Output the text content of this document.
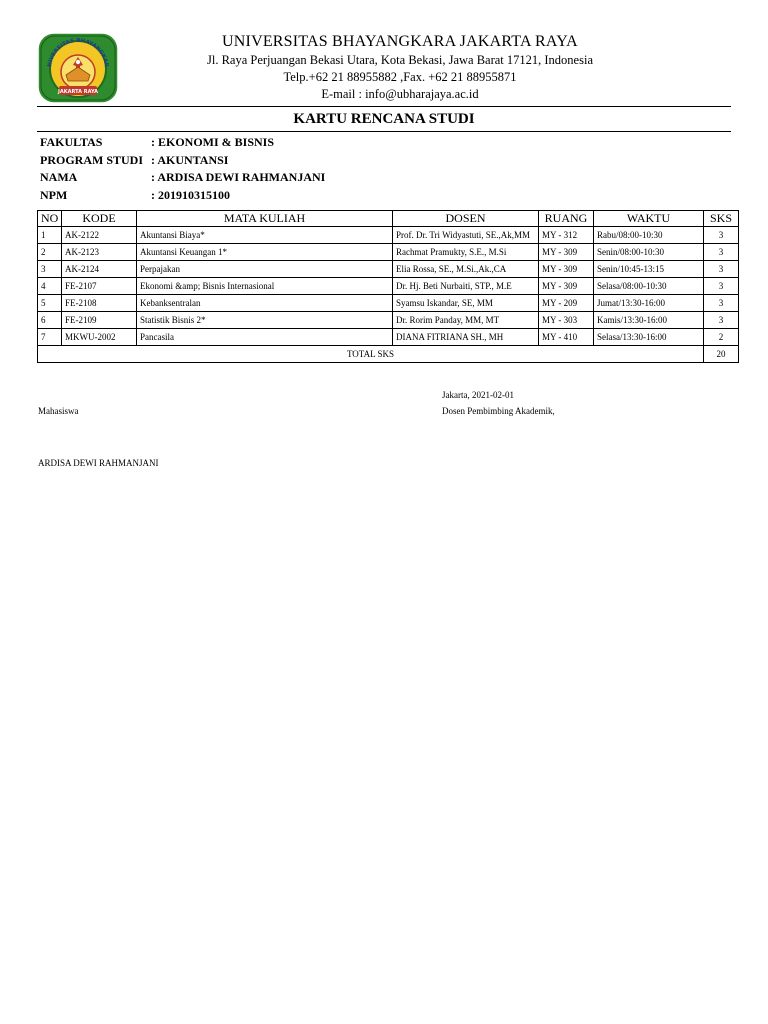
NIVERSITAS BHAYANGKAR
JAKARTA RAYA
UNIVERSITAS BHAYANGKARA JAKARTA RAYA
Jl. Raya Perjuangan Bekasi Utara, Kota Bekasi, Jawa Barat 17121, Indonesia
Telp.+62 21 88955882 ,Fax. +62 21 88955871
E-mail : info@ubharajaya.ac.id
KARTU RENCANA STUDI
FAKULTAS	: EKONOMI & BISNIS
PROGRAM STUDI : AKUNTANSI
NAMA	: ARDISA DEWI RAHMANJANI
NPM	: 201910315100
NO	KODE	MATA KULIAH	DOSEN	RUANG	WAKTU	SKS
1	AK-2122	Akuntansi Biaya*	Prof. Dr. Tri Widyastuti, SE.,Ak,MM	MY - 312	Rabu/08:00-10:30	3
2	AK-2123	Akuntansi Keuangan 1*	Rachmat Pramukty, S.E., M.Si	MY - 309	Senin/08:00-10:30	3
3	AK-2124	Perpajakan	Elia Rossa, SE., M.Si.,Ak.,CA	MY - 309	Senin/10:45-13:15	3
4	FE-2107	Ekonomi &amp; Bisnis Internasional	Dr. Hj. Beti Nurbaiti, STP., M.E	MY - 309	Selasa/08:00-10:30	3
5	FE-2108	Kebanksentralan	Syamsu Iskandar, SE, MM	MY - 209	Jumat/13:30-16:00	3
6	FE-2109	Statistik Bisnis 2*	Dr. Rorim Panday, MM, MT	MY - 303	Kamis/13:30-16:00	3
7	MKWU-2002	Pancasila	DIANA FITRIANA SH., MH	MY - 410	Selasa/13:30-16:00	2
TOTAL SKS						20
Jakarta, 2021-02-01
Mahasiswa	Dosen Pembimbing Akademik,
ARDISA DEWI RAHMANJANI
